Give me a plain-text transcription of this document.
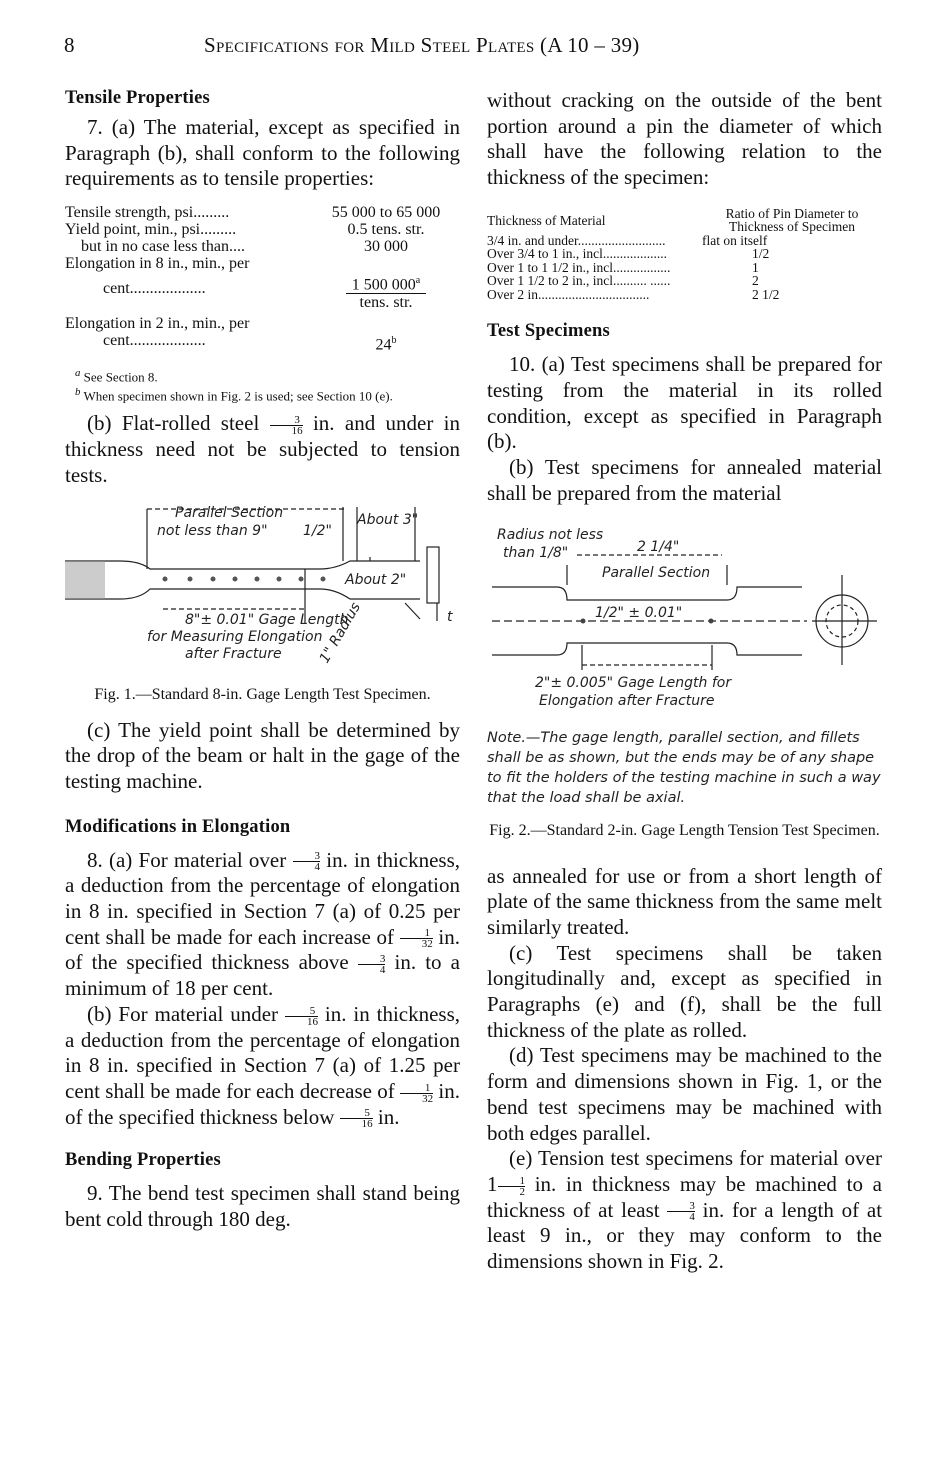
8	Specifications for Mild Steel Plates (A 10 – 39)
Tensile Properties

7. (a) The material, except as specified in Paragraph (b), shall conform to the following requirements as to tensile properties:

Tensile strength, psi.........	55 000 to 65 000
Yield point, min., psi.........	0.5 tens. str.
but in no case less than....	30 000
Elongation in 8 in., min., per	
cent...................	1 500 000$^a$
tens. str.
Elongation in 2 in., min., per	
cent...................	24$^b$
$^a$ See Section 8.
$^b$ When specimen shown in Fig. 2 is used; see Section 10 (e).

(b) Flat-rolled steel $\frac{3}{16}$ in. and under in thickness need not be subjected to tension tests.

Parallel Section
not less than 9"	1/2"
About 3"
About 2"
8"± 0.01" Gage Length
for Measuring Elongation
after Fracture 1" Radius	t
Fig. 1.—Standard 8-in. Gage Length Test Specimen.

(c) The yield point shall be determined by the drop of the beam or halt in the gage of the testing machine.

Modifications in Elongation

8. (a) For material over $\frac{3}{4}$ in. in thickness, a deduction from the percentage of elongation in 8 in. specified in Section 7 (a) of 0.25 per cent shall be made for each increase of $\frac{1}{32}$ in. of the specified thickness above $\frac{3}{4}$ in. to a minimum of 18 per cent.

(b) For material under $\frac{5}{16}$ in. in thickness, a deduction from the percentage of elongation in 8 in. specified in Section 7 (a) of 1.25 per cent shall be made for each decrease of $\frac{1}{32}$ in. of the specified thickness below $\frac{5}{16}$ in.

Bending Properties

9. The bend test specimen shall stand being bent cold through 180 deg.

without cracking on the outside of the bent portion around a pin the diameter of which shall have the following relation to the thickness of the specimen:

Thickness of Material	Ratio of Pin Diameter to Thickness of Specimen
3/4 in. and under..........................	flat on itself
Over 3/4 to 1 in., incl...................	1/2
Over 1 to 1 1/2 in., incl.................	1
Over 1 1/2 to 2 in., incl.......... ......	2
Over 2 in.................................	2 1/2
Test Specimens

10. (a) Test specimens shall be prepared for testing from the material in its rolled condition, except as specified in Paragraph (b).

(b) Test specimens for annealed material shall be prepared from the material

Radius not less
than 1/8"	2 1/4"
Parallel Section
1/2" ± 0.01"
2"± 0.005" Gage Length for
Elongation after Fracture
Note.—The gage length, parallel section, and fillets shall be as shown, but the ends may be of any shape to fit the holders of the testing machine in such a way that the load shall be axial.
Fig. 2.—Standard 2-in. Gage Length Tension Test Specimen.

as annealed for use or from a short length of plate of the same thickness from the same melt similarly treated.

(c) Test specimens shall be taken longitudinally and, except as specified in Paragraphs (e) and (f), shall be the full thickness of the plate as rolled.

(d) Test specimens may be machined to the form and dimensions shown in Fig. 1, or the bend test specimens may be machined with both edges parallel.

(e) Tension test specimens for material over $1 \frac{1}{2}$ in. in thickness may be machined to a thickness of at least $\frac{3}{4}$ in. for a length of at least 9 in., or they may conform to the dimensions shown in Fig. 2.
